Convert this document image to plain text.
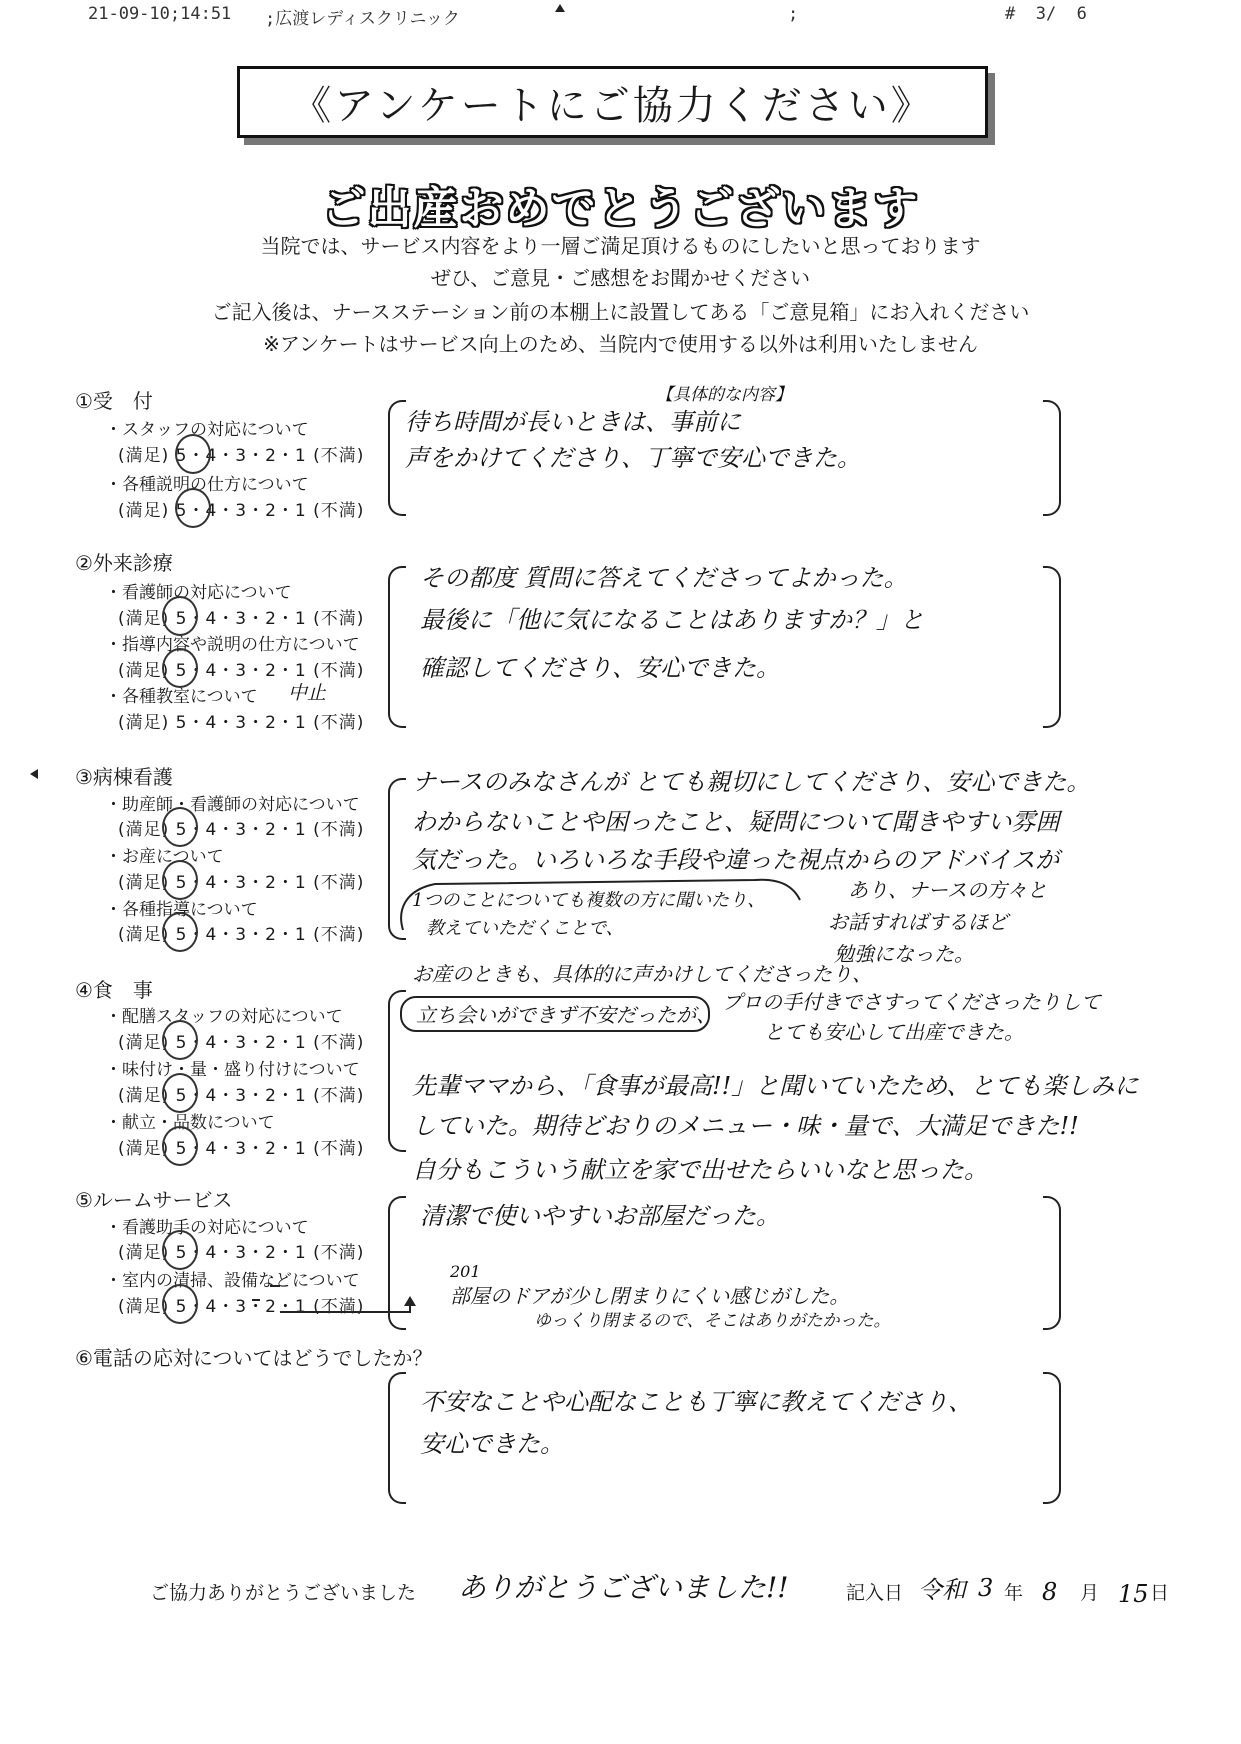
21-09-10;14:51 ;広渡レディスクリニック	;	#  3/  6
《アンケートにご協力ください》
ご出産おめでとうございます
当院では、サービス内容をより一層ご満足頂けるものにしたいと思っております
ぜひ、ご意見・ご感想をお聞かせください
ご記入後は、ナースステーション前の本棚上に設置してある「ご意見箱」にお入れください
※アンケートはサービス向上のため、当院内で使用する以外は利用いたしません
①受　付
・スタッフの対応について
(満足) 5・4・3・2・1 (不満)
・各種説明の仕方について
(満足) 5・4・3・2・1 (不満)
【具体的な内容】
待ち時間が長いときは、事前に
声をかけてくださり、丁寧で安心できた。
②外来診療
・看護師の対応について
(満足) 5・4・3・2・1 (不満)
・指導内容や説明の仕方について
(満足) 5・4・3・2・1 (不満)
・各種教室について 中止
(満足) 5・4・3・2・1 (不満)
その都度 質問に答えてくださってよかった。
最後に「他に気になることはありますか？」と
確認してくださり、安心できた。
③病棟看護
・助産師・看護師の対応について
(満足) 5・4・3・2・1 (不満)
・お産について
(満足) 5・4・3・2・1 (不満)
・各種指導について
(満足) 5・4・3・2・1 (不満)
ナースのみなさんが とても親切にしてくださり、安心できた。
わからないことや困ったこと、疑問について聞きやすい雰囲
気だった。いろいろな手段や違った視点からのアドバイスが
あり、ナースの方々と
お話すればするほど
勉強になった。
1つのことについても複数の方に聞いたり、
教えていただくことで、
④食　事
・配膳スタッフの対応について
(満足) 5・4・3・2・1 (不満)
・味付け・量・盛り付けについて
(満足) 5・4・3・2・1 (不満)
・献立・品数について
(満足) 5・4・3・2・1 (不満)
お産のときも、具体的に声かけしてくださったり、
立ち会いができず不安だったが、
プロの手付きでさすってくださったりして
とても安心して出産できた。
先輩ママから、「食事が最高!!」と聞いていたため、とても楽しみに
していた。期待どおりのメニュー・味・量で、大満足できた!!
自分もこういう献立を家で出せたらいいなと思った。
⑤ルームサービス
・看護助手の対応について
(満足) 5・4・3・2・1 (不満)
・室内の清掃、設備などについて
(満足) 5・4・3・2・1 (不満)
清潔で使いやすいお部屋だった。
201
部屋のドアが少し閉まりにくい感じがした。
ゆっくり閉まるので、そこはありがたかった。
⑥電話の応対についてはどうでしたか？
不安なことや心配なことも丁寧に教えてくださり、
安心できた。
ご協力ありがとうございました ありがとうございました!!	記入日 令和 3 年 8 月 15 日
